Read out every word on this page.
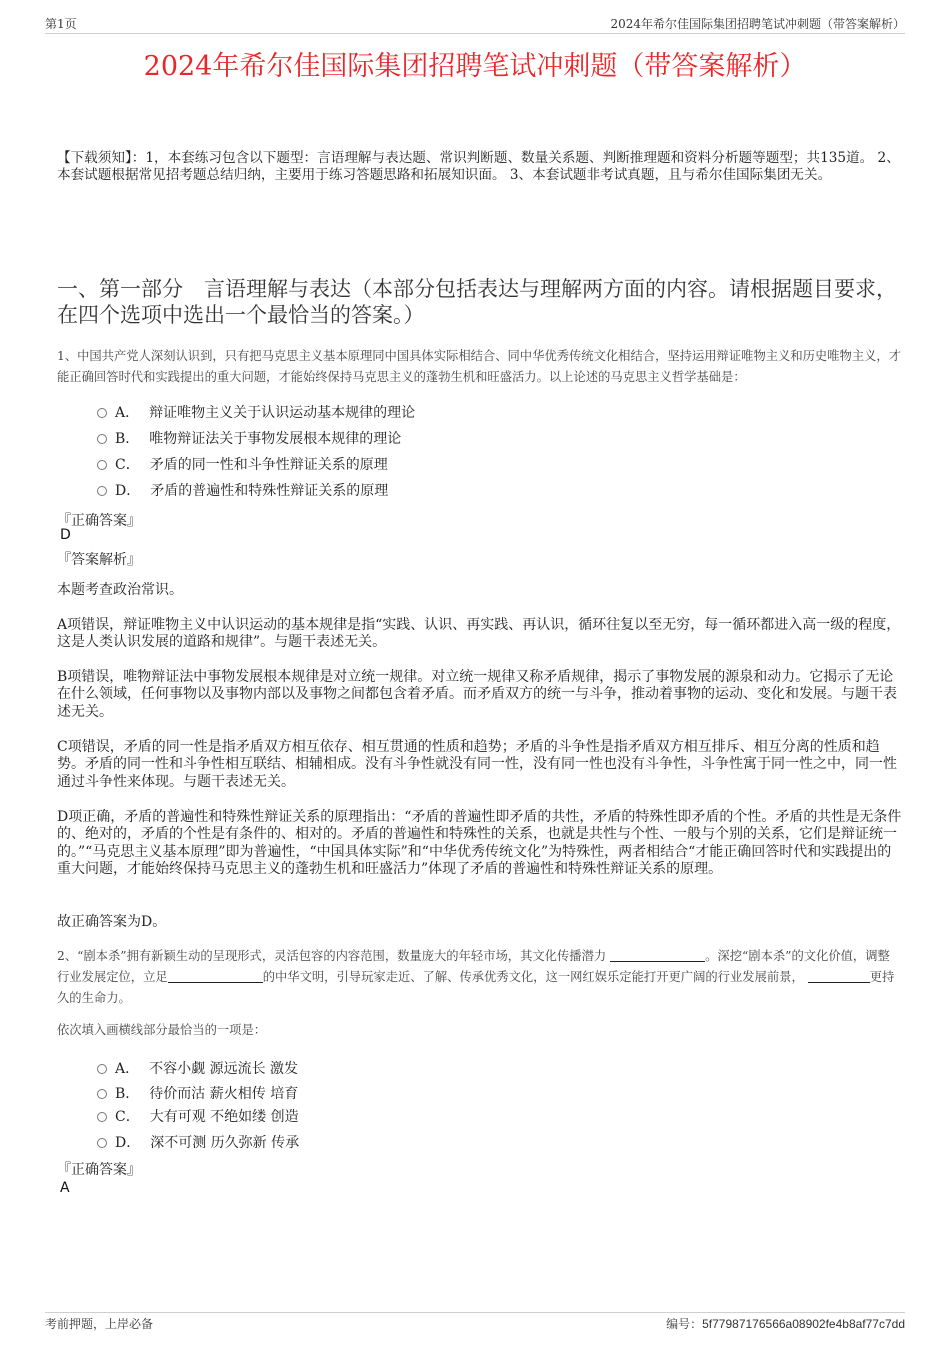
第1页	2024年希尔佳国际集团招聘笔试冲刺题（带答案解析）
2024年希尔佳国际集团招聘笔试冲刺题（带答案解析）
【下载须知】：1，本套练习包含以下题型：言语理解与表达题、常识判断题、数量关系题、判断推理题和资料分析题等题型；共135道。 2、本套试题根据常见招考题总结归纳，主要用于练习答题思路和拓展知识面。 3、本套试题非考试真题，且与希尔佳国际集团无关。
一、第一部分　言语理解与表达（本部分包括表达与理解两方面的内容。请根据题目要求，在四个选项中选出一个最恰当的答案。）
1、中国共产党人深刻认识到，只有把马克思主义基本原理同中国具体实际相结合、同中华优秀传统文化相结合，坚持运用辩证唯物主义和历史唯物主义，才能正确回答时代和实践提出的重大问题，才能始终保持马克思主义的蓬勃生机和旺盛活力。以上论述的马克思主义哲学基础是：
A． 辩证唯物主义关于认识运动基本规律的理论
B． 唯物辩证法关于事物发展根本规律的理论
C． 矛盾的同一性和斗争性辩证关系的原理
D． 矛盾的普遍性和特殊性辩证关系的原理
『正确答案』
D
『答案解析』
本题考查政治常识。
A项错误，辩证唯物主义中认识运动的基本规律是指“实践、认识、再实践、再认识，循环往复以至无穷，每一循环都进入高一级的程度，这是人类认识发展的道路和规律”。与题干表述无关。
B项错误，唯物辩证法中事物发展根本规律是对立统一规律。对立统一规律又称矛盾规律，揭示了事物发展的源泉和动力。它揭示了无论在什么领域，任何事物以及事物内部以及事物之间都包含着矛盾。而矛盾双方的统一与斗争，推动着事物的运动、变化和发展。与题干表述无关。
C项错误，矛盾的同一性是指矛盾双方相互依存、相互贯通的性质和趋势；矛盾的斗争性是指矛盾双方相互排斥、相互分离的性质和趋势。矛盾的同一性和斗争性相互联结、相辅相成。没有斗争性就没有同一性，没有同一性也没有斗争性，斗争性寓于同一性之中，同一性通过斗争性来体现。与题干表述无关。
D项正确，矛盾的普遍性和特殊性辩证关系的原理指出：“矛盾的普遍性即矛盾的共性，矛盾的特殊性即矛盾的个性。矛盾的共性是无条件的、绝对的，矛盾的个性是有条件的、相对的。矛盾的普遍性和特殊性的关系，也就是共性与个性、一般与个别的关系，它们是辩证统一的。”“马克思主义基本原理”即为普遍性，“中国具体实际”和“中华优秀传统文化”为特殊性，两者相结合“才能正确回答时代和实践提出的重大问题，才能始终保持马克思主义的蓬勃生机和旺盛活力”体现了矛盾的普遍性和特殊性辩证关系的原理。
故正确答案为D。
2、“剧本杀”拥有新颖生动的呈现形式，灵活包容的内容范围，数量庞大的年轻市场，其文化传播潜力	。深挖“剧本杀”的文化价值，调整行业发展定位，立足	的中华文明，引导玩家走近、了解、传承优秀文化，这一网红娱乐定能打开更广阔的行业发展前景，	更持久的生命力。
依次填入画横线部分最恰当的一项是：
A． 不容小觑 源远流长 激发
B． 待价而沽 薪火相传 培育
C． 大有可观 不绝如缕 创造
D． 深不可测 历久弥新 传承
『正确答案』
A
考前押题，上岸必备	编号：5f77987176566a08902fe4b8af77c7dd
